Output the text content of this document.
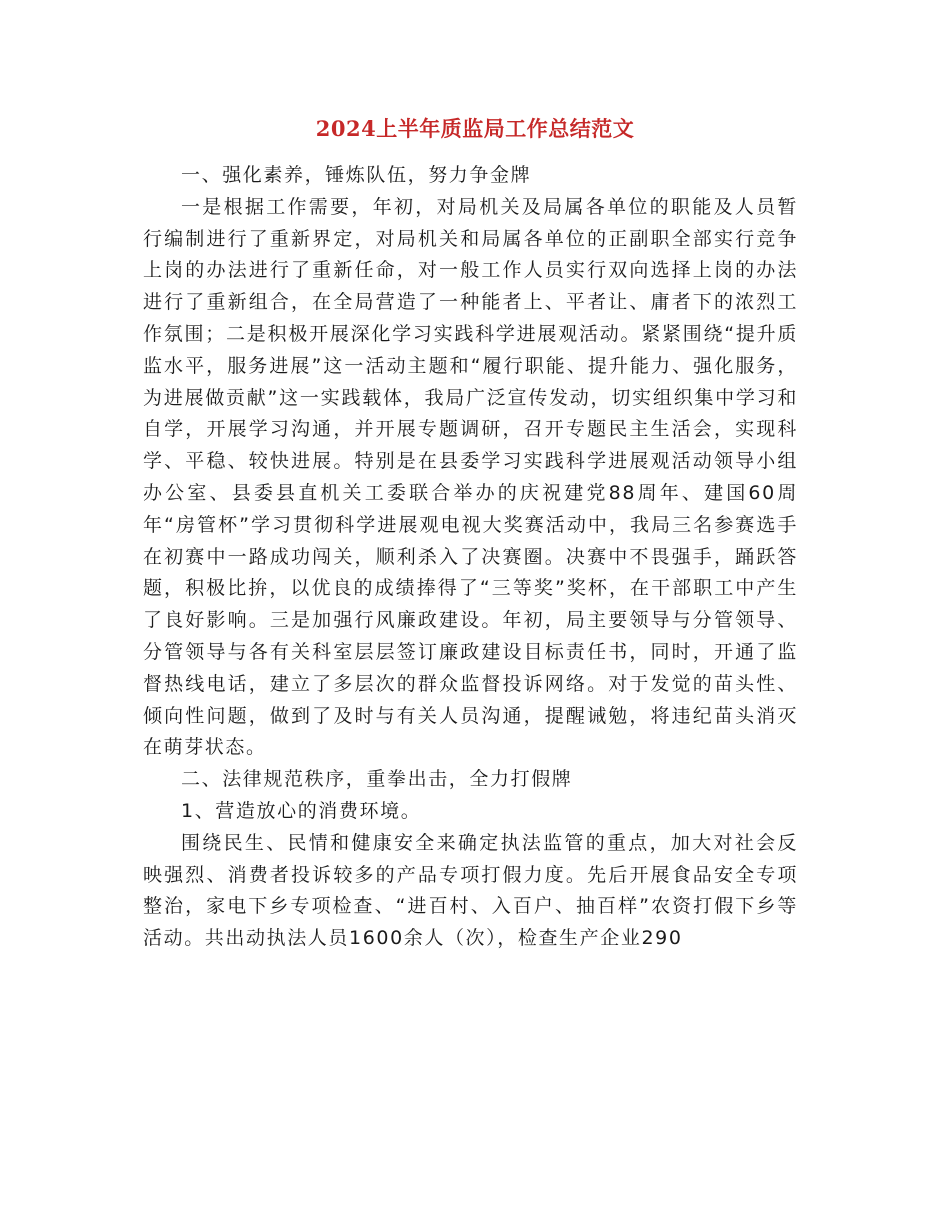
2024上半年质监局工作总结范文

一、强化素养，锤炼队伍，努力争金牌

一是根据工作需要，年初，对局机关及局属各单位的职能及人员暂行编制进行了重新界定，对局机关和局属各单位的正副职全部实行竞争上岗的办法进行了重新任命，对一般工作人员实行双向选择上岗的办法进行了重新组合，在全局营造了一种能者上、平者让、庸者下的浓烈工作氛围；二是积极开展深化学习实践科学进展观活动。紧紧围绕“提升质监水平，服务进展”这一活动主题和“履行职能、提升能力、强化服务，为进展做贡献”这一实践载体，我局广泛宣传发动，切实组织集中学习和自学，开展学习沟通，并开展专题调研，召开专题民主生活会，实现科学、平稳、较快进展。特别是在县委学习实践科学进展观活动领导小组办公室、县委县直机关工委联合举办的庆祝建党88周年、建国60周年“房管杯”学习贯彻科学进展观电视大奖赛活动中，我局三名参赛选手在初赛中一路成功闯关，顺利杀入了决赛圈。决赛中不畏强手，踊跃答题，积极比拚，以优良的成绩捧得了“三等奖”奖杯，在干部职工中产生了良好影响。三是加强行风廉政建设。年初，局主要领导与分管领导、分管领导与各有关科室层层签订廉政建设目标责任书，同时，开通了监督热线电话，建立了多层次的群众监督投诉网络。对于发觉的苗头性、倾向性问题，做到了及时与有关人员沟通，提醒诫勉，将违纪苗头消灭在萌芽状态。

二、法律规范秩序，重拳出击，全力打假牌

1、营造放心的消费环境。

围绕民生、民情和健康安全来确定执法监管的重点，加大对社会反映强烈、消费者投诉较多的产品专项打假力度。先后开展食品安全专项整治，家电下乡专项检查、“进百村、入百户、抽百样”农资打假下乡等活动。共出动执法人员1600余人（次），检查生产企业290
